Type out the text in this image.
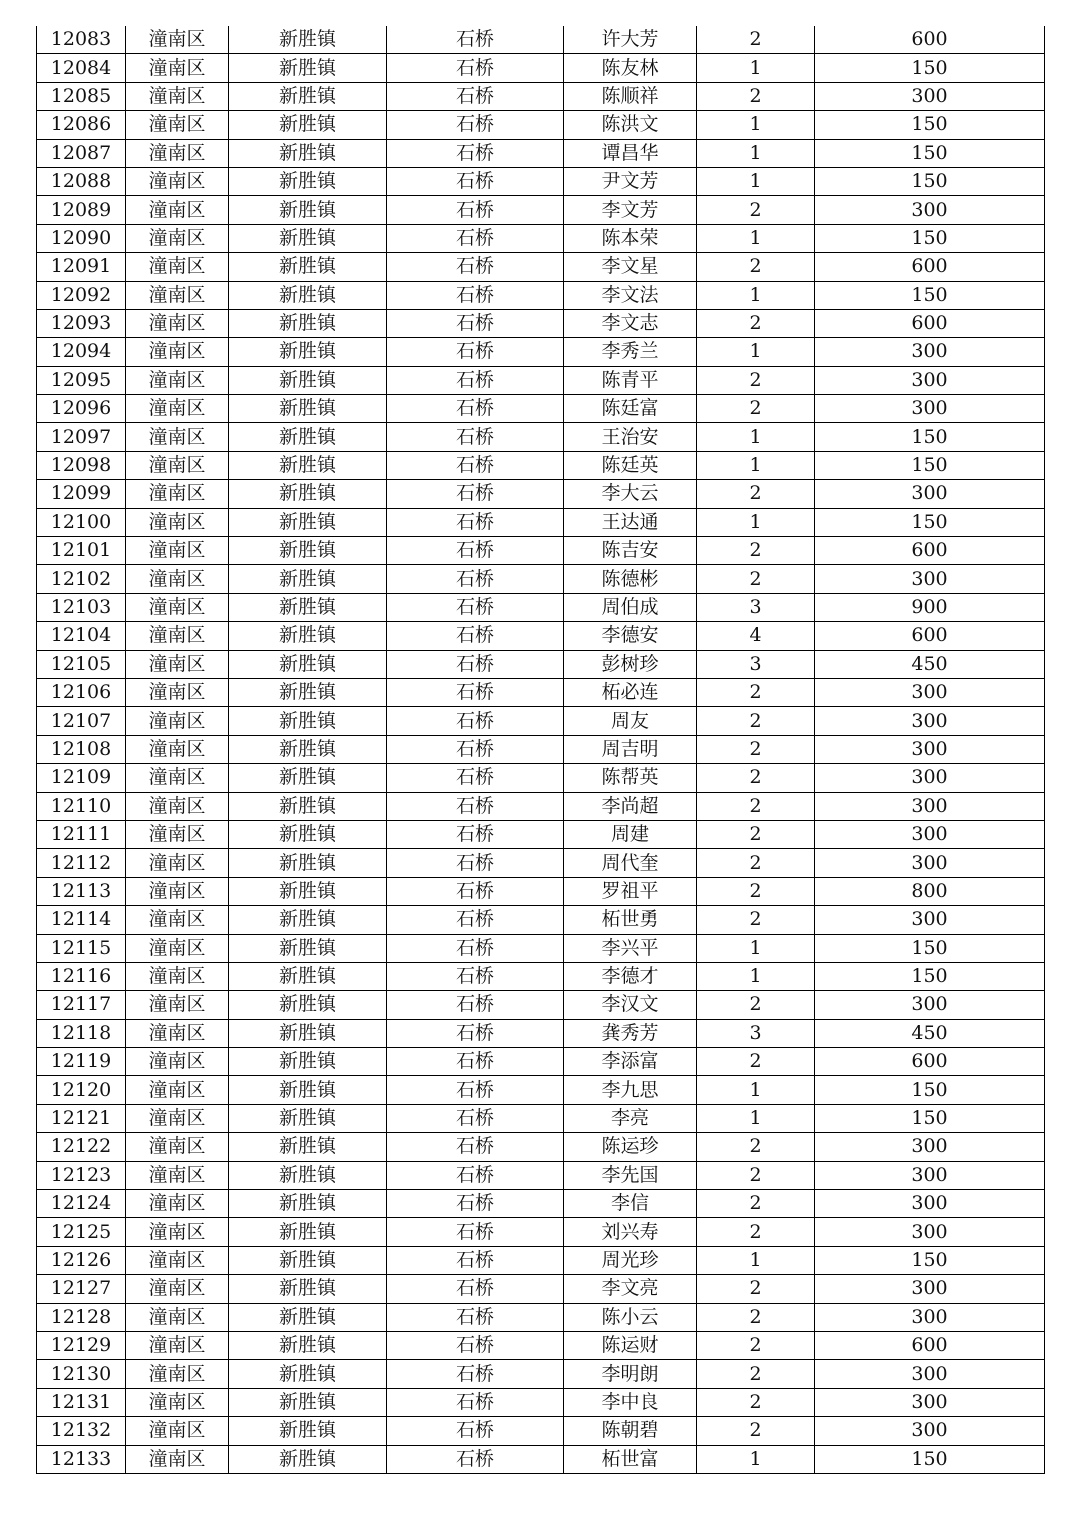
12083	潼南区	新胜镇	石桥	许大芳	2	600
12084	潼南区	新胜镇	石桥	陈友林	1	150
12085	潼南区	新胜镇	石桥	陈顺祥	2	300
12086	潼南区	新胜镇	石桥	陈洪文	1	150
12087	潼南区	新胜镇	石桥	谭昌华	1	150
12088	潼南区	新胜镇	石桥	尹文芳	1	150
12089	潼南区	新胜镇	石桥	李文芳	2	300
12090	潼南区	新胜镇	石桥	陈本荣	1	150
12091	潼南区	新胜镇	石桥	李文星	2	600
12092	潼南区	新胜镇	石桥	李文法	1	150
12093	潼南区	新胜镇	石桥	李文志	2	600
12094	潼南区	新胜镇	石桥	李秀兰	1	300
12095	潼南区	新胜镇	石桥	陈青平	2	300
12096	潼南区	新胜镇	石桥	陈廷富	2	300
12097	潼南区	新胜镇	石桥	王治安	1	150
12098	潼南区	新胜镇	石桥	陈廷英	1	150
12099	潼南区	新胜镇	石桥	李大云	2	300
12100	潼南区	新胜镇	石桥	王达通	1	150
12101	潼南区	新胜镇	石桥	陈吉安	2	600
12102	潼南区	新胜镇	石桥	陈德彬	2	300
12103	潼南区	新胜镇	石桥	周伯成	3	900
12104	潼南区	新胜镇	石桥	李德安	4	600
12105	潼南区	新胜镇	石桥	彭树珍	3	450
12106	潼南区	新胜镇	石桥	柘必连	2	300
12107	潼南区	新胜镇	石桥	周友	2	300
12108	潼南区	新胜镇	石桥	周吉明	2	300
12109	潼南区	新胜镇	石桥	陈帮英	2	300
12110	潼南区	新胜镇	石桥	李尚超	2	300
12111	潼南区	新胜镇	石桥	周建	2	300
12112	潼南区	新胜镇	石桥	周代奎	2	300
12113	潼南区	新胜镇	石桥	罗祖平	2	800
12114	潼南区	新胜镇	石桥	柘世勇	2	300
12115	潼南区	新胜镇	石桥	李兴平	1	150
12116	潼南区	新胜镇	石桥	李德才	1	150
12117	潼南区	新胜镇	石桥	李汉文	2	300
12118	潼南区	新胜镇	石桥	龚秀芳	3	450
12119	潼南区	新胜镇	石桥	李添富	2	600
12120	潼南区	新胜镇	石桥	李九思	1	150
12121	潼南区	新胜镇	石桥	李亮	1	150
12122	潼南区	新胜镇	石桥	陈运珍	2	300
12123	潼南区	新胜镇	石桥	李先国	2	300
12124	潼南区	新胜镇	石桥	李信	2	300
12125	潼南区	新胜镇	石桥	刘兴寿	2	300
12126	潼南区	新胜镇	石桥	周光珍	1	150
12127	潼南区	新胜镇	石桥	李文亮	2	300
12128	潼南区	新胜镇	石桥	陈小云	2	300
12129	潼南区	新胜镇	石桥	陈运财	2	600
12130	潼南区	新胜镇	石桥	李明朗	2	300
12131	潼南区	新胜镇	石桥	李中良	2	300
12132	潼南区	新胜镇	石桥	陈朝碧	2	300
12133	潼南区	新胜镇	石桥	柘世富	1	150
